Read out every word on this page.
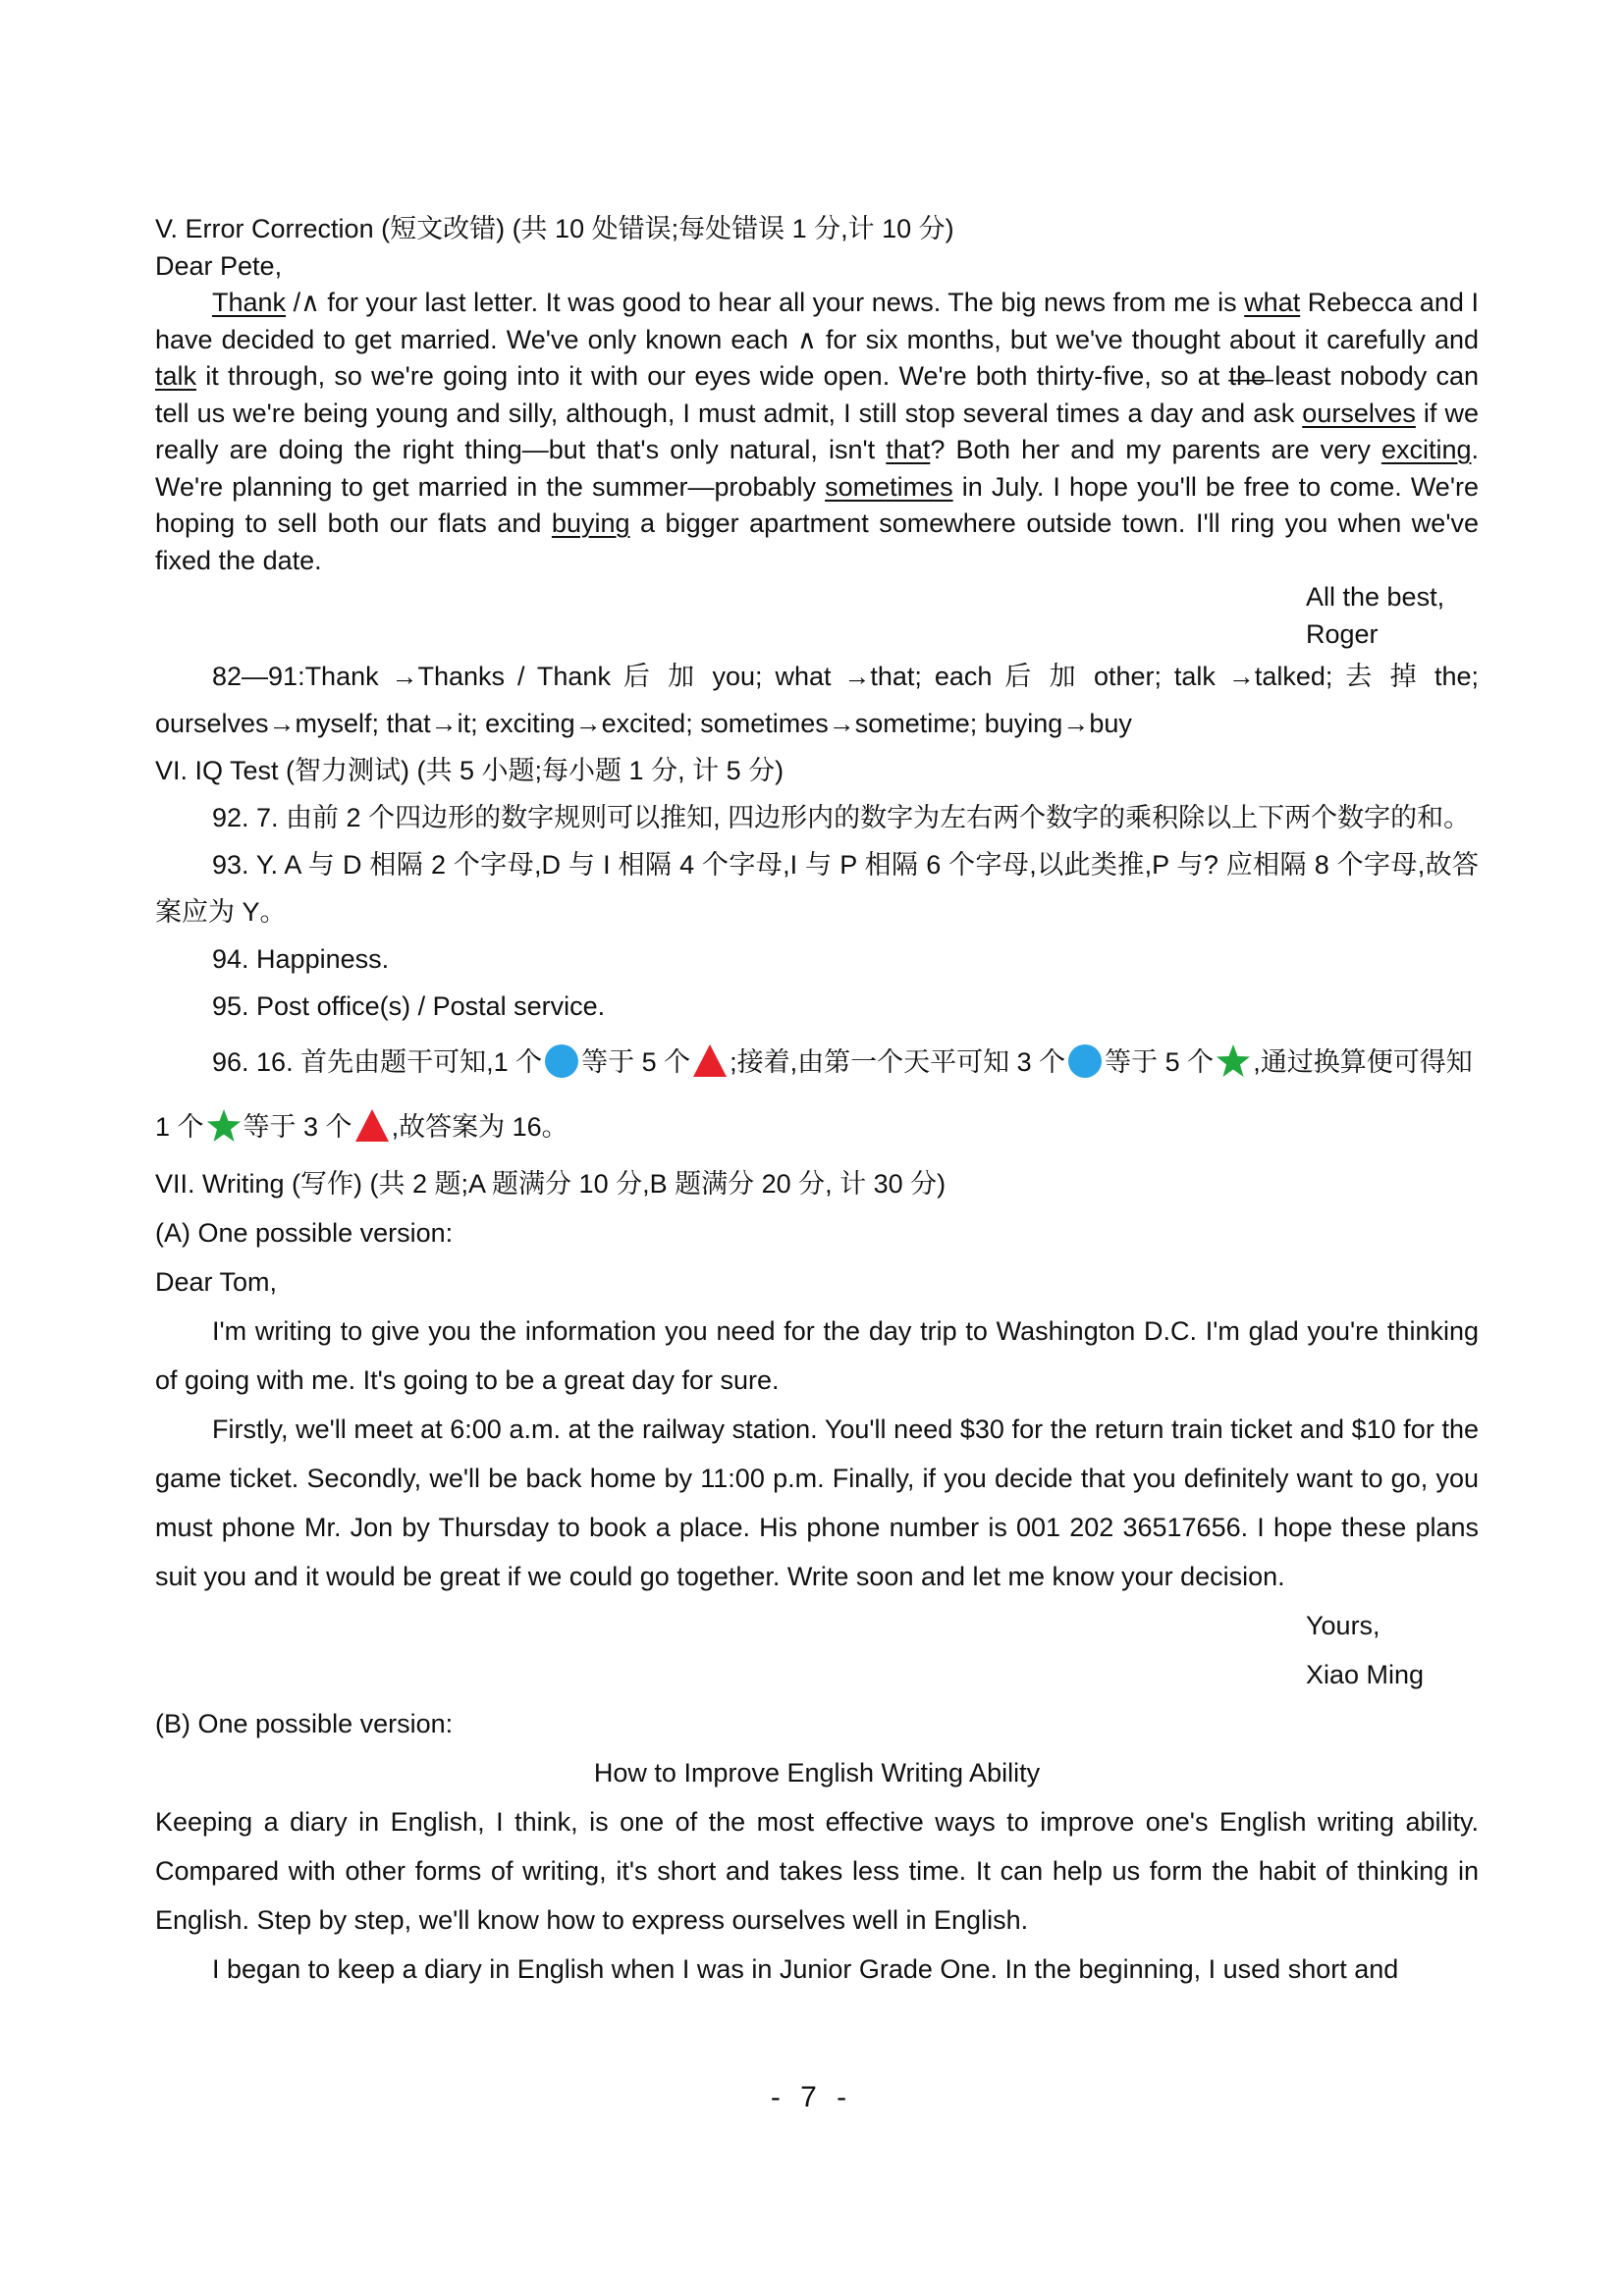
V. Error Correction (短文改错) (共 10 处错误;每处错误 1 分,计 10 分)
Dear Pete,
Thank /∧ for your last letter. It was good to hear all your news. The big news from me is what Rebecca and I have decided to get married. We've only known each ∧ for six months, but we've thought about it carefully and talk it through, so we're going into it with our eyes wide open. We're both thirty-five, so at t̶h̶e̶ least nobody can tell us we're being young and silly, although, I must admit, I still stop several times a day and ask ourselves if we really are doing the right thing—but that's only natural, isn't that? Both her and my parents are very exciting. We're planning to get married in the summer—probably sometimes in July. I hope you'll be free to come. We're hoping to sell both our flats and buying a bigger apartment somewhere outside town. I'll ring you when we've fixed the date.
All the best,
Roger
82—91:Thank →Thanks / Thank 后 加 you; what →that; each 后 加 other; talk →talked; 去 掉 the; ourselves→myself; that→it; exciting→excited; sometimes→sometime; buying→buy
VI. IQ Test (智力测试) (共 5 小题;每小题 1 分, 计 5 分)
92. 7. 由前 2 个四边形的数字规则可以推知, 四边形内的数字为左右两个数字的乘积除以上下两个数字的和。
93. Y. A 与 D 相隔 2 个字母,D 与 I 相隔 4 个字母,I 与 P 相隔 6 个字母,以此类推,P 与? 应相隔 8 个字母,故答案应为 Y。
94. Happiness.
95. Post office(s) / Postal service.
96. 16. 首先由题干可知,1 个 等于 5 个 ;接着,由第一个天平可知 3 个 等于 5 个 ,通过换算便可得知 1 个 等于 3 个 ,故答案为 16。
VII. Writing (写作) (共 2 题;A 题满分 10 分,B 题满分 20 分, 计 30 分)
(A) One possible version:
Dear Tom,
I'm writing to give you the information you need for the day trip to Washington D.C. I'm glad you're thinking of going with me. It's going to be a great day for sure.
Firstly, we'll meet at 6:00 a.m. at the railway station. You'll need $30 for the return train ticket and $10 for the game ticket. Secondly, we'll be back home by 11:00 p.m. Finally, if you decide that you definitely want to go, you must phone Mr. Jon by Thursday to book a place. His phone number is 001 202 36517656. I hope these plans suit you and it would be great if we could go together. Write soon and let me know your decision.
Yours,
Xiao Ming
(B) One possible version:
How to Improve English Writing Ability
Keeping a diary in English, I think, is one of the most effective ways to improve one's English writing ability. Compared with other forms of writing, it's short and takes less time. It can help us form the habit of thinking in English. Step by step, we'll know how to express ourselves well in English.
I began to keep a diary in English when I was in Junior Grade One. In the beginning, I used short and
- 7 -
